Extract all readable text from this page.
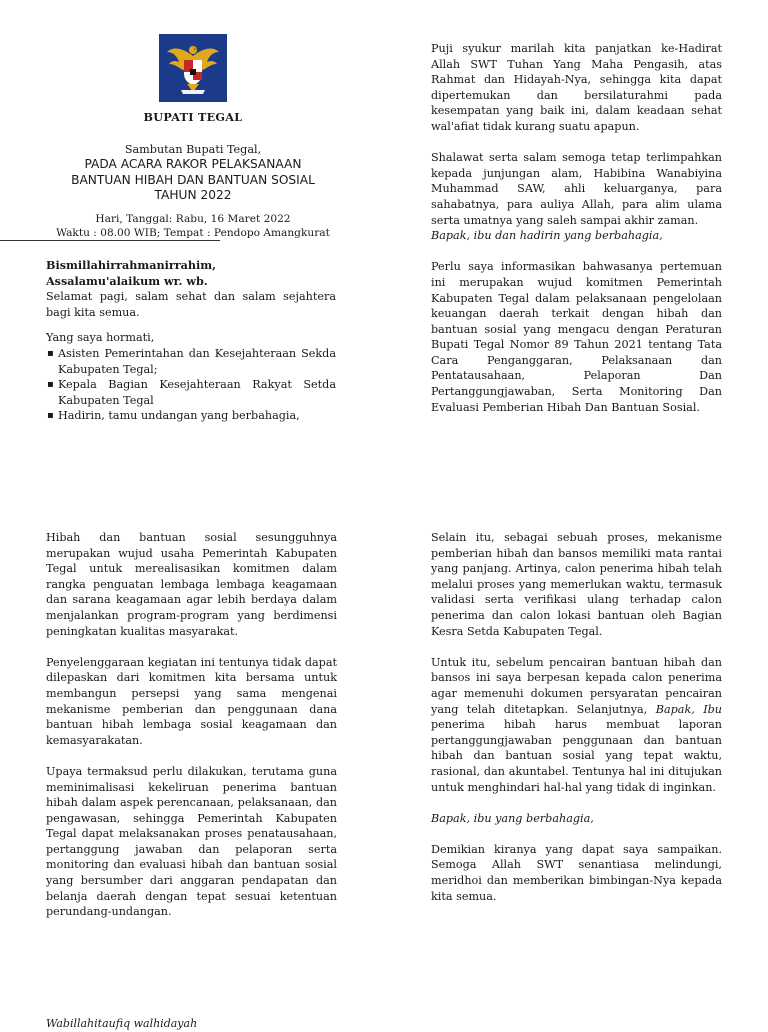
BUPATI TEGAL
Sambutan Bupati Tegal,
PADA ACARA RAKOR PELAKSANAAN
BANTUAN HIBAH DAN BANTUAN SOSIAL
TAHUN 2022
Hari, Tanggal: Rabu, 16 Maret 2022
Waktu : 08.00 WIB; Tempat : Pendopo Amangkurat

Bismillahirrahmanirrahim,

Assalamu'alaikum wr. wb.

Selamat pagi, salam sehat dan salam sejahtera bagi kita semua.

Yang saya hormati,

▪ Asisten Pemerintahan dan Kesejahteraan Sekda Kabupaten Tegal;
▪ Kepala Bagian Kesejahteraan Rakyat Setda Kabupaten Tegal
▪ Hadirin, tamu undangan yang berbahagia,

Puji syukur marilah kita panjatkan ke-Hadirat Allah SWT Tuhan Yang Maha Pengasih, atas Rahmat dan Hidayah-Nya, sehingga kita dapat dipertemukan dan bersilaturahmi pada kesempatan yang baik ini, dalam keadaan sehat wal'afiat tidak kurang suatu apapun.

Shalawat serta salam semoga tetap terlimpahkan kepada junjungan alam, Habibina Wanabiyina Muhammad SAW, ahli keluarganya, para sahabatnya, para auliya Allah, para alim ulama serta umatnya yang saleh sampai akhir zaman.

Bapak, ibu dan hadirin yang berbahagia,

Perlu saya informasikan bahwasanya pertemuan ini merupakan wujud komitmen Pemerintah Kabupaten Tegal dalam pelaksanaan pengelolaan keuangan daerah terkait dengan hibah dan bantuan sosial yang mengacu dengan Peraturan Bupati Tegal Nomor 89 Tahun 2021 tentang Tata Cara Penganggaran, Pelaksanaan dan Pentatausahaan, Pelaporan Dan Pertanggungjawaban, Serta Monitoring Dan Evaluasi Pemberian Hibah Dan Bantuan Sosial.

Hibah dan bantuan sosial sesungguhnya merupakan wujud usaha Pemerintah Kabupaten Tegal untuk merealisasikan komitmen dalam rangka penguatan lembaga lembaga keagamaan dan sarana keagamaan agar lebih berdaya dalam menjalankan program-program yang berdimensi peningkatan kualitas masyarakat.

Penyelenggaraan kegiatan ini tentunya tidak dapat dilepaskan dari komitmen kita bersama untuk membangun persepsi yang sama mengenai mekanisme pemberian dan penggunaan dana bantuan hibah lembaga sosial keagamaan dan kemasyarakatan.

Upaya termaksud perlu dilakukan, terutama guna meminimalisasi kekeliruan penerima bantuan hibah dalam aspek perencanaan, pelaksanaan, dan pengawasan, sehingga Pemerintah Kabupaten Tegal dapat melaksanakan proses penatausahaan, pertanggung jawaban dan pelaporan serta monitoring dan evaluasi hibah dan bantuan sosial yang bersumber dari anggaran pendapatan dan belanja daerah dengan tepat sesuai ketentuan perundang-undangan.

Selain itu, sebagai sebuah proses, mekanisme pemberian hibah dan bansos memiliki mata rantai yang panjang. Artinya, calon penerima hibah telah melalui proses yang memerlukan waktu, termasuk validasi serta verifikasi ulang terhadap calon penerima dan calon lokasi bantuan oleh Bagian Kesra Setda Kabupaten Tegal.

Untuk itu, sebelum pencairan bantuan hibah dan bansos ini saya berpesan kepada calon penerima agar memenuhi dokumen persyaratan pencairan yang telah ditetapkan. Selanjutnya, Bapak, Ibu penerima hibah harus membuat laporan pertanggungjawaban penggunaan dan bantuan hibah dan bantuan sosial yang tepat waktu, rasional, dan akuntabel. Tentunya hal ini ditujukan untuk menghindari hal-hal yang tidak di inginkan.

Bapak, ibu yang berbahagia,

Demikian kiranya yang dapat saya sampaikan. Semoga Allah SWT senantiasa melindungi, meridhoi dan memberikan bimbingan-Nya kepada kita semua.

Wabillahitaufiq walhidayah
